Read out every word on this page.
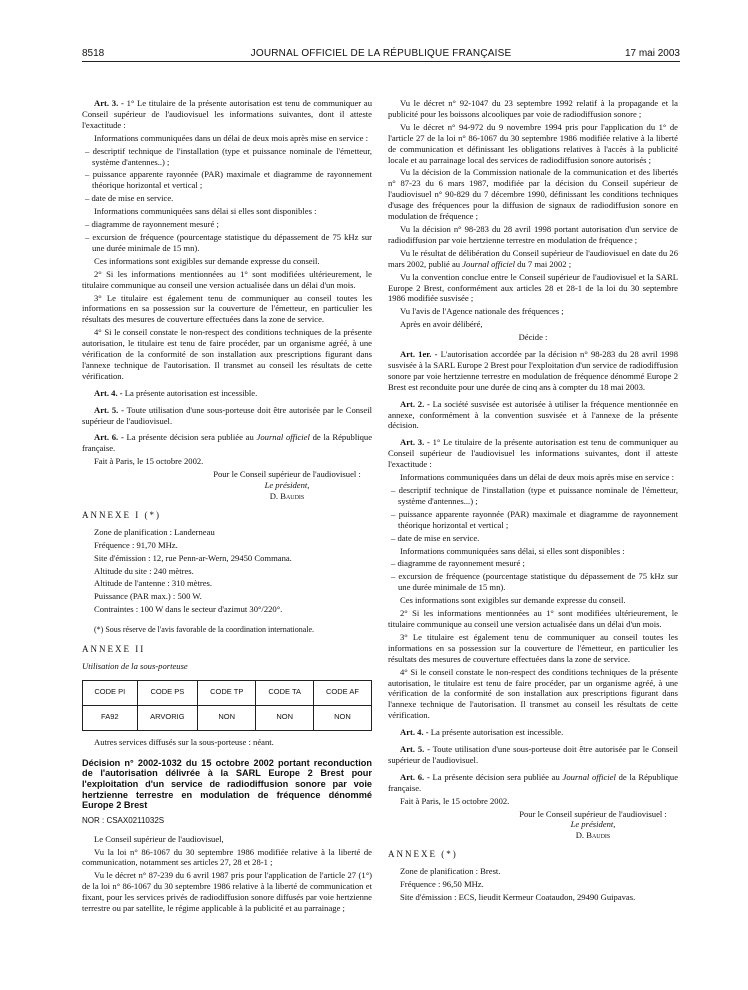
8518	JOURNAL OFFICIEL DE LA RÉPUBLIQUE FRANÇAISE	17 mai 2003

Art. 3. - 1° Le titulaire de la présente autorisation est tenu de communiquer au Conseil supérieur de l'audiovisuel les informations suivantes, dont il atteste l'exactitude :

Informations communiquées dans un délai de deux mois après mise en service :

– descriptif technique de l'installation (type et puissance nominale de l'émetteur, système d'antennes..) ;

– puissance apparente rayonnée (PAR) maximale et diagramme de rayonnement théorique horizontal et vertical ;

– date de mise en service.

Informations communiquées sans délai si elles sont disponibles :

– diagramme de rayonnement mesuré ;

– excursion de fréquence (pourcentage statistique du dépassement de 75 kHz sur une durée minimale de 15 mn).

Ces informations sont exigibles sur demande expresse du conseil.

2° Si les informations mentionnées au 1° sont modifiées ultérieurement, le titulaire communique au conseil une version actualisée dans un délai d'un mois.

3° Le titulaire est également tenu de communiquer au conseil toutes les informations en sa possession sur la couverture de l'émetteur, en particulier les résultats des mesures de couverture effectuées dans la zone de service.

4° Si le conseil constate le non-respect des conditions techniques de la présente autorisation, le titulaire est tenu de faire procéder, par un organisme agréé, à une vérification de la conformité de son installation aux prescriptions figurant dans l'annexe technique de l'autorisation. Il transmet au conseil les résultats de cette vérification.

Art. 4. - La présente autorisation est incessible.

Art. 5. - Toute utilisation d'une sous-porteuse doit être autorisée par le Conseil supérieur de l'audiovisuel.

Art. 6. - La présente décision sera publiée au Journal officiel de la République française.

Fait à Paris, le 15 octobre 2002.

Pour le Conseil supérieur de l'audiovisuel :
Le président,
D. Baudis

ANNEXE I (*)

Zone de planification : Landerneau

Fréquence : 91,70 MHz.

Site d'émission : 12, rue Penn-ar-Wern, 29450 Commana.

Altitude du site : 240 mètres.

Altitude de l'antenne : 310 mètres.

Puissance (PAR max.) : 500 W.

Contraintes : 100 W dans le secteur d'azimut 30°/220°.

(*) Sous réserve de l'avis favorable de la coordination internationale.

ANNEXE II

Utilisation de la sous-porteuse

CODE PI	CODE PS	CODE TP	CODE TA	CODE AF
FA92	ARVORIG	NON	NON	NON

Autres services diffusés sur la sous-porteuse : néant.

Décision n° 2002-1032 du 15 octobre 2002 portant reconduction de l'autorisation délivrée à la SARL Europe 2 Brest pour l'exploitation d'un service de radiodiffusion sonore par voie hertzienne terrestre en modulation de fréquence dénommé Europe 2 Brest

NOR : CSAX0211032S

Le Conseil supérieur de l'audiovisuel,

Vu la loi n° 86-1067 du 30 septembre 1986 modifiée relative à la liberté de communication, notamment ses articles 27, 28 et 28-1 ;

Vu le décret n° 87-239 du 6 avril 1987 pris pour l'application de l'article 27 (1°) de la loi n° 86-1067 du 30 septembre 1986 relative à la liberté de communication et fixant, pour les services privés de radiodiffusion sonore diffusés par voie hertzienne terrestre ou par satellite, le régime applicable à la publicité et au parrainage ;

Vu le décret n° 92-1047 du 23 septembre 1992 relatif à la propagande et la publicité pour les boissons alcooliques par voie de radiodiffusion sonore ;

Vu le décret n° 94-972 du 9 novembre 1994 pris pour l'application du 1° de l'article 27 de la loi n° 86-1067 du 30 septembre 1986 modifiée relative à la liberté de communication et définissant les obligations relatives à l'accès à la publicité locale et au parrainage local des services de radiodiffusion sonore autorisés ;

Vu la décision de la Commission nationale de la communication et des libertés n° 87-23 du 6 mars 1987, modifiée par la décision du Conseil supérieur de l'audiovisuel n° 90-829 du 7 décembre 1990, définissant les conditions techniques d'usage des fréquences pour la diffusion de signaux de radiodiffusion sonore en modulation de fréquence ;

Vu la décision n° 98-283 du 28 avril 1998 portant autorisation d'un service de radiodiffusion par voie hertzienne terrestre en modulation de fréquence ;

Vu le résultat de délibération du Conseil supérieur de l'audiovisuel en date du 26 mars 2002, publié au Journal officiel du 7 mai 2002 ;

Vu la convention conclue entre le Conseil supérieur de l'audiovisuel et la SARL Europe 2 Brest, conformément aux articles 28 et 28-1 de la loi du 30 septembre 1986 modifiée susvisée ;

Vu l'avis de l'Agence nationale des fréquences ;

Après en avoir délibéré,

Décide :

Art. 1er. - L'autorisation accordée par la décision n° 98-283 du 28 avril 1998 susvisée à la SARL Europe 2 Brest pour l'exploitation d'un service de radiodiffusion sonore par voie hertzienne terrestre en modulation de fréquence dénommé Europe 2 Brest est reconduite pour une durée de cinq ans à compter du 18 mai 2003.

Art. 2. - La société susvisée est autorisée à utiliser la fréquence mentionnée en annexe, conformément à la convention susvisée et à l'annexe de la présente décision.

Art. 3. - 1° Le titulaire de la présente autorisation est tenu de communiquer au Conseil supérieur de l'audiovisuel les informations suivantes, dont il atteste l'exactitude :

Informations communiquées dans un délai de deux mois après mise en service :

– descriptif technique de l'installation (type et puissance nominale de l'émetteur, système d'antennes...) ;

– puissance apparente rayonnée (PAR) maximale et diagramme de rayonnement théorique horizontal et vertical ;

– date de mise en service.

Informations communiquées sans délai, si elles sont disponibles :

– diagramme de rayonnement mesuré ;

– excursion de fréquence (pourcentage statistique du dépassement de 75 kHz sur une durée minimale de 15 mn).

Ces informations sont exigibles sur demande expresse du conseil.

2° Si les informations mentionnées au 1° sont modifiées ultérieurement, le titulaire communique au conseil une version actualisée dans un délai d'un mois.

3° Le titulaire est également tenu de communiquer au conseil toutes les informations en sa possession sur la couverture de l'émetteur, en particulier les résultats des mesures de couverture effectuées dans la zone de service.

4° Si le conseil constate le non-respect des conditions techniques de la présente autorisation, le titulaire est tenu de faire procéder, par un organisme agréé, à une vérification de la conformité de son installation aux prescriptions figurant dans l'annexe technique de l'autorisation. Il transmet au conseil les résultats de cette vérification.

Art. 4. - La présente autorisation est incessible.

Art. 5. - Toute utilisation d'une sous-porteuse doit être autorisée par le Conseil supérieur de l'audiovisuel.

Art. 6. - La présente décision sera publiée au Journal officiel de la République française.

Fait à Paris, le 15 octobre 2002.

Pour le Conseil supérieur de l'audiovisuel :
Le président,
D. Baudis

ANNEXE (*)

Zone de planification : Brest.

Fréquence : 96,50 MHz.

Site d'émission : ECS, lieudit Kermeur Coataudon, 29490 Guipavas.
